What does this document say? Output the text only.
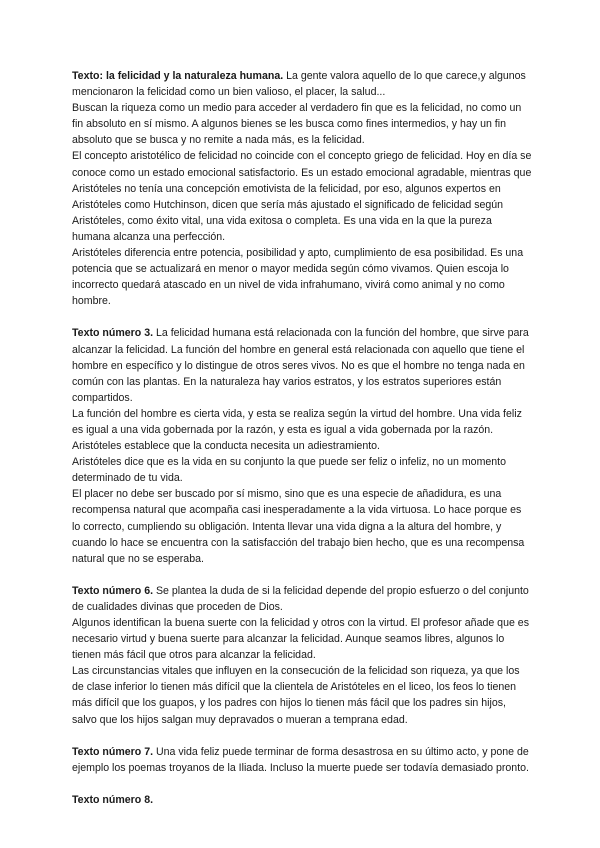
Texto: la felicidad y la naturaleza humana. La gente valora aquello de lo que carece,y algunos mencionaron la felicidad como un bien valioso, el placer, la salud...

Buscan la riqueza como un medio para acceder al verdadero fin que es la felicidad, no como un fin absoluto en sí mismo. A algunos bienes se les busca como fines intermedios, y hay un fin absoluto que se busca y no remite a nada más, es la felicidad.

El concepto aristotélico de felicidad no coincide con el concepto griego de felicidad. Hoy en día se conoce como un estado emocional satisfactorio. Es un estado emocional agradable, mientras que Aristóteles no tenía una concepción emotivista de la felicidad, por eso, algunos expertos en Aristóteles como Hutchinson, dicen que sería más ajustado el significado de felicidad según Aristóteles, como éxito vital, una vida exitosa o completa. Es una vida en la que la pureza humana alcanza una perfección.

Aristóteles diferencia entre potencia, posibilidad y apto, cumplimiento de esa posibilidad. Es una potencia que se actualizará en menor o mayor medida según cómo vivamos. Quien escoja lo incorrecto quedará atascado en un nivel de vida infrahumano, vivirá como animal y no como hombre.

Texto número 3. La felicidad humana está relacionada con la función del hombre, que sirve para alcanzar la felicidad. La función del hombre en general está relacionada con aquello que tiene el hombre en específico y lo distingue de otros seres vivos. No es que el hombre no tenga nada en común con las plantas. En la naturaleza hay varios estratos, y los estratos superiores están compartidos.

La función del hombre es cierta vida, y esta se realiza según la virtud del hombre. Una vida feliz es igual a una vida gobernada por la razón, y esta es igual a vida gobernada por la razón. Aristóteles establece que la conducta necesita un adiestramiento.

Aristóteles dice que es la vida en su conjunto la que puede ser feliz o infeliz, no un momento determinado de tu vida.

El placer no debe ser buscado por sí mismo, sino que es una especie de añadidura, es una recompensa natural que acompaña casi inesperadamente a la vida virtuosa. Lo hace porque es lo correcto, cumpliendo su obligación. Intenta llevar una vida digna a la altura del hombre, y cuando lo hace se encuentra con la satisfacción del trabajo bien hecho, que es una recompensa natural que no se esperaba.

Texto número 6. Se plantea la duda de si la felicidad depende del propio esfuerzo o del conjunto de cualidades divinas que proceden de Dios.

Algunos identifican la buena suerte con la felicidad y otros con la virtud. El profesor añade que es necesario virtud y buena suerte para alcanzar la felicidad. Aunque seamos libres, algunos lo tienen más fácil que otros para alcanzar la felicidad.

Las circunstancias vitales que influyen en la consecución de la felicidad son riqueza, ya que los de clase inferior lo tienen más difícil que la clientela de Aristóteles en el liceo, los feos lo tienen más difícil que los guapos, y los padres con hijos lo tienen más fácil que los padres sin hijos, salvo que los hijos salgan muy depravados o mueran a temprana edad.

Texto número 7. Una vida feliz puede terminar de forma desastrosa en su último acto, y pone de ejemplo los poemas troyanos de la Iliada. Incluso la muerte puede ser todavía demasiado pronto.

Texto número 8.
